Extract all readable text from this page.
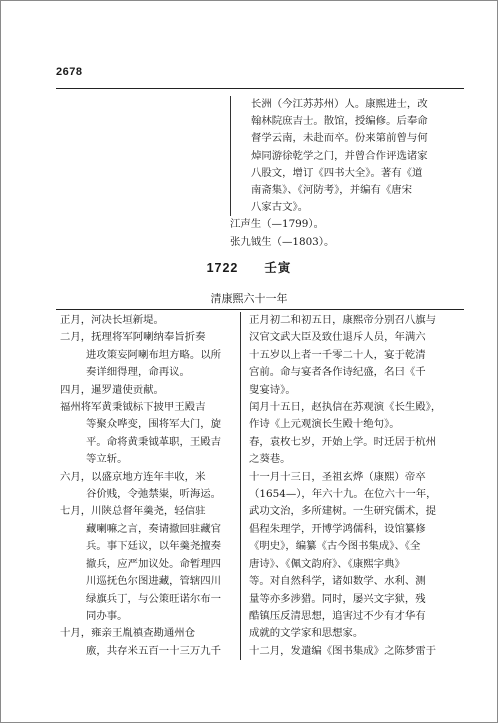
2678
长洲（今江苏苏州）人。康熙进士，改
翰林院庶吉士。散馆，授编修。后奉命
督学云南，未赴而卒。份来第前曾与何
焯同游徐乾学之门，并曾合作评选诸家
八股文，增订《四书大全》。著有《道
南斋集》、《河防考》，并编有《唐宋
八家古文》。
江声生（—1799）。
张九钺生（—1803）。
1722 壬寅
清康熙六十一年
正月，河决长垣新堤。
二月，抚理将军阿喇纳奉旨折奏
进攻策妄阿喇布坦方略。以所
奏详细得理，命再议。
四月，暹罗遣使贡献。
福州将军黄秉钺标下披甲王殿吉
等聚众哗变，围将军大门，旋
平。命将黄秉钺革职，王殿吉
等立斩。
六月，以盛京地方连年丰收，米
谷价贱，令弛禁粜，听海运。
七月，川陕总督年羹尧，轻信驻
藏喇嘛之言，奏请撤回驻藏官
兵。事下廷议，以年羹尧擅奏
撤兵，应严加议处。命暂理四
川巡抚色尔图进藏，管辖四川
绿旗兵丁，与公策旺诺尔布一
同办事。
十月，雍亲王胤禛查勘通州仓
廒，共存米五百一十三万九千
正月初二和初五日，康熙帝分别召八旗与
汉官文武大臣及致仕退斥人员，年满六
十五岁以上者一千零二十人，宴于乾清
宫前。命与宴者各作诗纪盛，名曰《千
叟宴诗》。
闰月十五日，赵执信在苏观演《长生殿》，
作诗《上元观演长生殿十绝句》。
春，袁枚七岁，开始上学。时迁居于杭州
之葵巷。
十一月十三日，圣祖玄烨（康熙）帝卒
（1654—），年六十九。在位六十一年，
武功文治，多所建树。一生研究儒术，提
倡程朱理学，开博学鸿儒科，设馆纂修
《明史》，编纂《古今图书集成》、《全
唐诗》、《佩文韵府》、《康熙字典》
等。对自然科学，诸如数学、水利、测
量等亦多涉猎。同时，屡兴文字狱，残
酷镇压反清思想，追害过不少有才华有
成就的文学家和思想家。
十二月，发遣编《图书集成》之陈梦雷于
